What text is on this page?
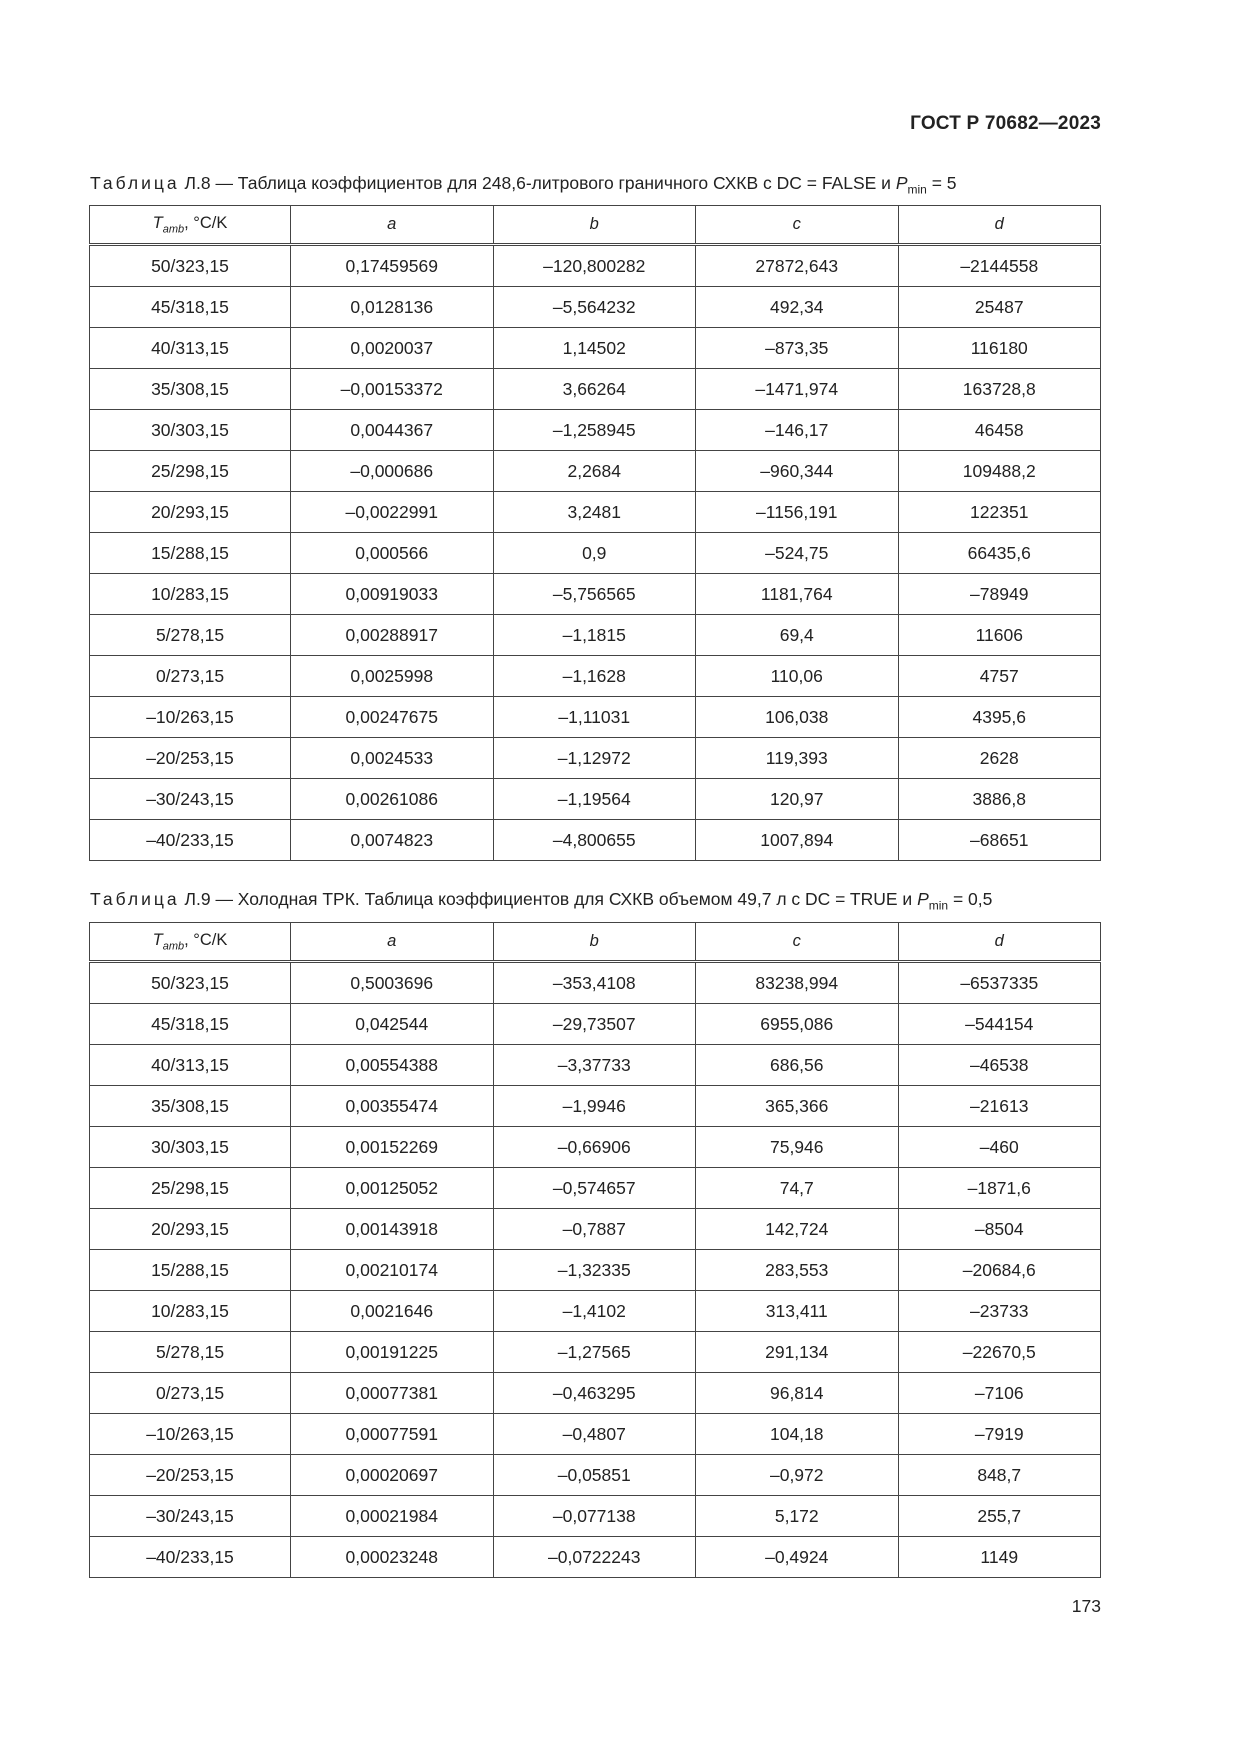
ГОСТ Р 70682—2023
Таблица Л.8 — Таблица коэффициентов для 248,6-литрового граничного СХКВ с DC = FALSE и $P_{min} = 5$
$T_{amb}$, °C/K	a	b	c	d
50/323,15	0,17459569	–120,800282	27872,643	–2144558
45/318,15	0,0128136	–5,564232	492,34	25487
40/313,15	0,0020037	1,14502	–873,35	116180
35/308,15	–0,00153372	3,66264	–1471,974	163728,8
30/303,15	0,0044367	–1,258945	–146,17	46458
25/298,15	–0,000686	2,2684	–960,344	109488,2
20/293,15	–0,0022991	3,2481	–1156,191	122351
15/288,15	0,000566	0,9	–524,75	66435,6
10/283,15	0,00919033	–5,756565	1181,764	–78949
5/278,15	0,00288917	–1,1815	69,4	11606
0/273,15	0,0025998	–1,1628	110,06	4757
–10/263,15	0,00247675	–1,11031	106,038	4395,6
–20/253,15	0,0024533	–1,12972	119,393	2628
–30/243,15	0,00261086	–1,19564	120,97	3886,8
–40/233,15	0,0074823	–4,800655	1007,894	–68651
Таблица Л.9 — Холодная ТРК. Таблица коэффициентов для СХКВ объемом 49,7 л с DC = TRUE и $P_{min} = 0,5$
$T_{amb}$, °C/K	a	b	c	d
50/323,15	0,5003696	–353,4108	83238,994	–6537335
45/318,15	0,042544	–29,73507	6955,086	–544154
40/313,15	0,00554388	–3,37733	686,56	–46538
35/308,15	0,00355474	–1,9946	365,366	–21613
30/303,15	0,00152269	–0,66906	75,946	–460
25/298,15	0,00125052	–0,574657	74,7	–1871,6
20/293,15	0,00143918	–0,7887	142,724	–8504
15/288,15	0,00210174	–1,32335	283,553	–20684,6
10/283,15	0,0021646	–1,4102	313,411	–23733
5/278,15	0,00191225	–1,27565	291,134	–22670,5
0/273,15	0,00077381	–0,463295	96,814	–7106
–10/263,15	0,00077591	–0,4807	104,18	–7919
–20/253,15	0,00020697	–0,05851	–0,972	848,7
–30/243,15	0,00021984	–0,077138	5,172	255,7
–40/233,15	0,00023248	–0,0722243	–0,4924	1149
173
